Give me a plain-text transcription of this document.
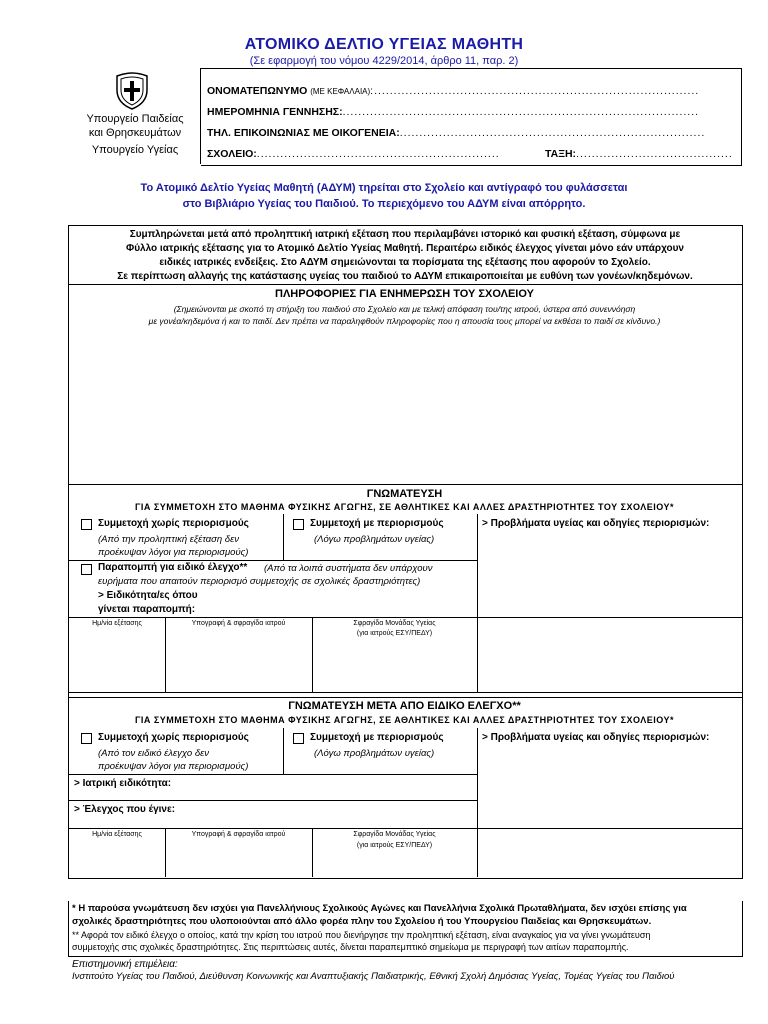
ΑΤΟΜΙΚΟ ΔΕΛΤΙΟ ΥΓΕΙΑΣ ΜΑΘΗΤΗ
(Σε εφαρμογή του νόμου 4229/2014, άρθρο 11, παρ. 2)
Υπουργείο Παιδείας
και Θρησκευμάτων
Υπουργείο Υγείας
ΟΝΟΜΑΤΕΠΩΝΥΜΟ (ΜΕ ΚΕΦΑΛΑΙΑ):...................................................................................
ΗΜΕΡΟΜΗΝΙΑ ΓΕΝΝΗΣΗΣ:...........................................................................................
ΤΗΛ. ΕΠΙΚΟΙΝΩΝΙΑΣ ΜΕ ΟΙΚΟΓΕΝΕΙΑ:..............................................................................
ΣΧΟΛΕΙΟ:..............................................................	ΤΑΞΗ:........................................
Το Ατομικό Δελτίο Υγείας Μαθητή (ΑΔΥΜ) τηρείται στο Σχολείο και αντίγραφό του φυλάσσεται
στο Βιβλιάριο Υγείας του Παιδιού. Το περιεχόμενο του ΑΔΥΜ είναι απόρρητο.
Συμπληρώνεται μετά από προληπτική ιατρική εξέταση που περιλαμβάνει ιστορικό και φυσική εξέταση, σύμφωνα με
Φύλλο ιατρικής εξέτασης για το Ατομικό Δελτίο Υγείας Μαθητή. Περαιτέρω ειδικός έλεγχος γίνεται μόνο εάν υπάρχουν
ειδικές ιατρικές ενδείξεις. Στο ΑΔΥΜ σημειώνονται τα πορίσματα της εξέτασης που αφορούν το Σχολείο.
Σε περίπτωση αλλαγής της κατάστασης υγείας του παιδιού το ΑΔΥΜ επικαιροποιείται με ευθύνη των γονέων/κηδεμόνων.
ΠΛΗΡΟΦΟΡΙΕΣ ΓΙΑ ΕΝΗΜΕΡΩΣΗ ΤΟΥ ΣΧΟΛΕΙΟΥ
(Σημειώνονται με σκοπό τη στήριξη του παιδιού στο Σχολείο και με τελική απόφαση του/της ιατρού, ύστερα από συνεννόηση
με γονέα/κηδεμόνα ή και το παιδί. Δεν πρέπει να παραληφθούν πληροφορίες που η απουσία τους μπορεί να εκθέσει το παιδί σε κίνδυνο.)
ΓΝΩΜΑΤΕΥΣΗ
ΓΙΑ ΣΥΜΜΕΤΟΧΗ ΣΤΟ ΜΑΘΗΜΑ ΦΥΣΙΚΗΣ ΑΓΩΓΗΣ, ΣΕ ΑΘΛΗΤΙΚΕΣ ΚΑΙ ΑΛΛΕΣ ΔΡΑΣΤΗΡΙΟΤΗΤΕΣ ΤΟΥ ΣΧΟΛΕΙΟΥ*
Συμμετοχή χωρίς περιορισμούς
(Από την προληπτική εξέταση δεν
προέκυψαν λόγοι για περιορισμούς)
Συμμετοχή με περιορισμούς
(Λόγω προβλημάτων υγείας)
> Προβλήματα υγείας και οδηγίες περιορισμών:
Παραπομπή για ειδικό έλεγχο** (Από τα λοιπά συστήματα δεν υπάρχουν
ευρήματα που απαιτούν περιορισμό συμμετοχής σε σχολικές δραστηριότητες)
> Ειδικότητα/ες όπου
γίνεται παραπομπή:
Ημ/νία εξέτασης	Υπογραφή & σφραγίδα ιατρού	Σφραγίδα Μονάδας Υγείας
(για ιατρούς ΕΣΥ/ΠΕΔΥ)
ΓΝΩΜΑΤΕΥΣΗ ΜΕΤΑ ΑΠΟ ΕΙΔΙΚΟ ΕΛΕΓΧΟ**
ΓΙΑ ΣΥΜΜΕΤΟΧΗ ΣΤΟ ΜΑΘΗΜΑ ΦΥΣΙΚΗΣ ΑΓΩΓΗΣ, ΣΕ ΑΘΛΗΤΙΚΕΣ ΚΑΙ ΑΛΛΕΣ ΔΡΑΣΤΗΡΙΟΤΗΤΕΣ ΤΟΥ ΣΧΟΛΕΙΟΥ*
Συμμετοχή χωρίς περιορισμούς
(Από τον ειδικό έλεγχο δεν
προέκυψαν λόγοι για περιορισμούς)
Συμμετοχή με περιορισμούς
(Λόγω προβλημάτων υγείας)
> Προβλήματα υγείας και οδηγίες περιορισμών:
> Ιατρική ειδικότητα:
> Έλεγχος που έγινε:
Ημ/νία εξέτασης	Υπογραφή & σφραγίδα ιατρού	Σφραγίδα Μονάδας Υγείας
(για ιατρούς ΕΣΥ/ΠΕΔΥ)
* Η παρούσα γνωμάτευση δεν ισχύει για Πανελλήνιους Σχολικούς Αγώνες και Πανελλήνια Σχολικά Πρωταθλήματα, δεν ισχύει επίσης για
σχολικές δραστηριότητες που υλοποιούνται από άλλο φορέα πλην του Σχολείου ή του Υπουργείου Παιδείας και Θρησκευμάτων.
** Αφορά τον ειδικό έλεγχο ο οποίος, κατά την κρίση του ιατρού που διενήργησε την προληπτική εξέταση, είναι αναγκαίος για να γίνει γνωμάτευση
συμμετοχής στις σχολικές δραστηριότητες. Στις περιπτώσεις αυτές, δίνεται παραπεμπτικό σημείωμα με περιγραφή των αιτίων παραπομπής.
Επιστημονική επιμέλεια:
Ινστιτούτο Υγείας του Παιδιού, Διεύθυνση Κοινωνικής και Αναπτυξιακής Παιδιατρικής, Εθνική Σχολή Δημόσιας Υγείας, Τομέας Υγείας του Παιδιού
